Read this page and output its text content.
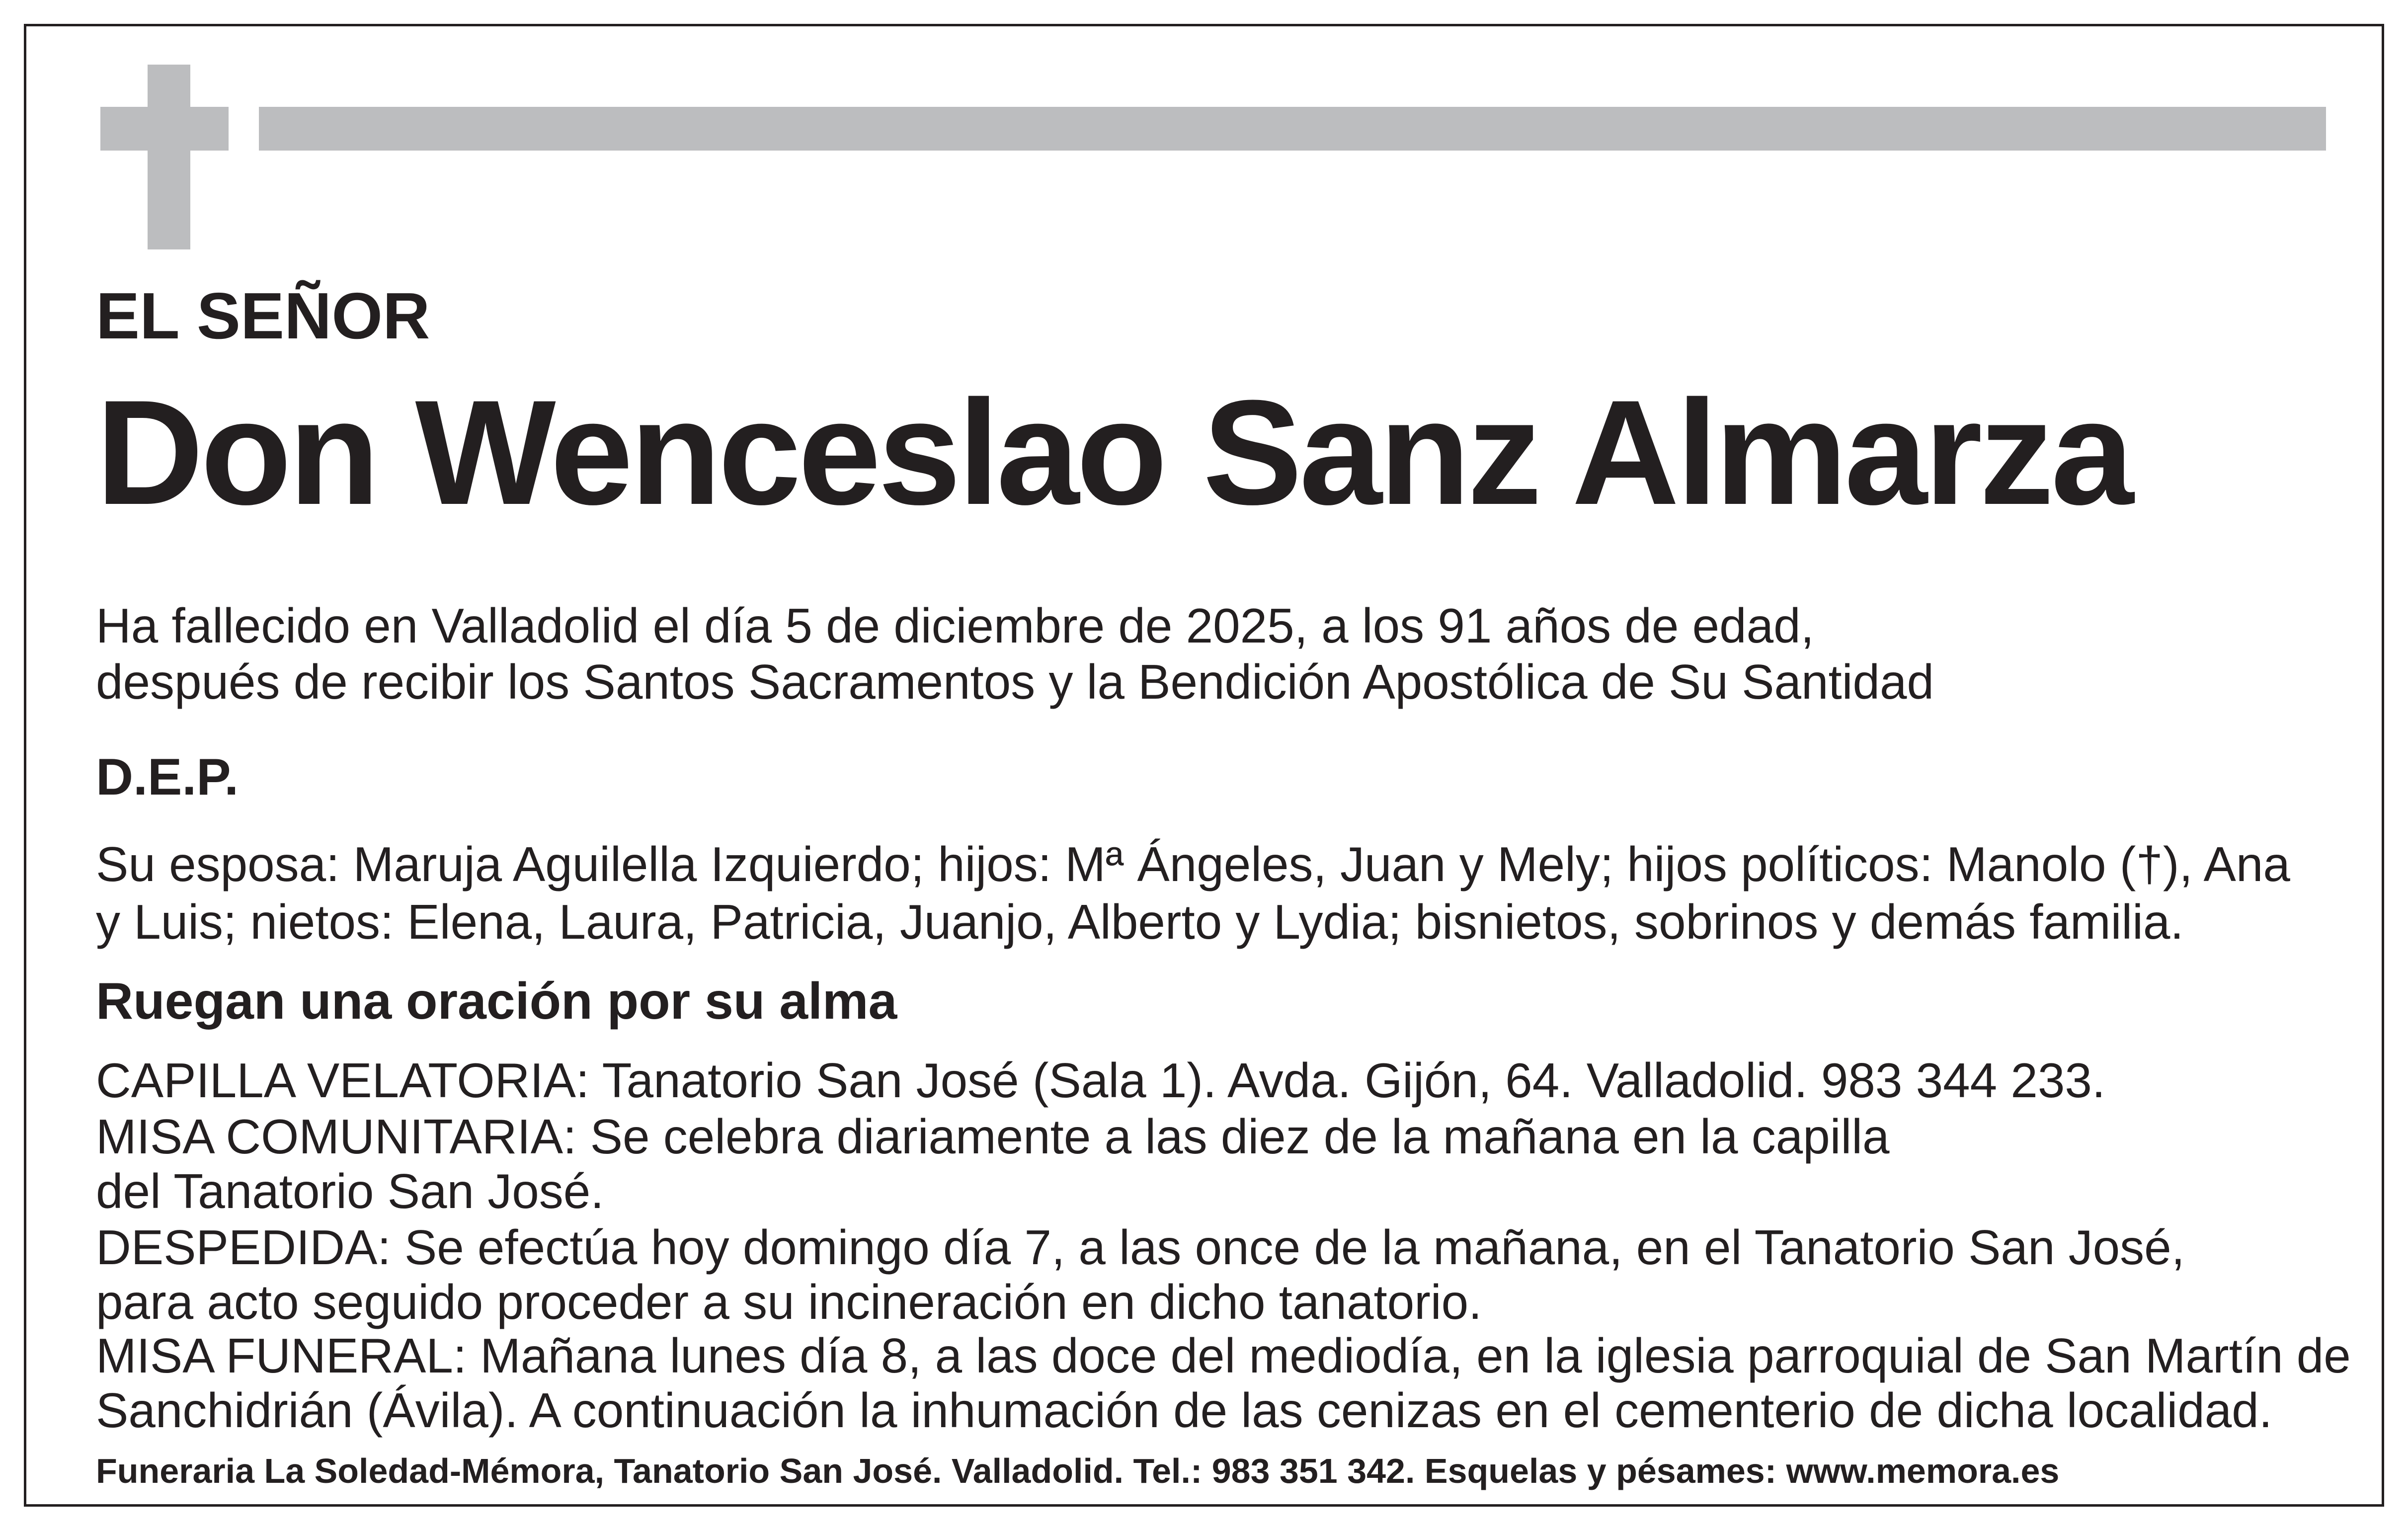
EL SEÑOR

Don Wenceslao Sanz Almarza

Ha fallecido en Valladolid el día 5 de diciembre de 2025, a los 91 años de edad,

después de recibir los Santos Sacramentos y la Bendición Apostólica de Su Santidad

D.E.P.

Su esposa: Maruja Aguilella Izquierdo; hijos: Mª Ángeles, Juan y Mely; hijos políticos: Manolo (†), Ana

y Luis; nietos: Elena, Laura, Patricia, Juanjo, Alberto y Lydia; bisnietos, sobrinos y demás familia.

Ruegan una oración por su alma

CAPILLA VELATORIA: Tanatorio San José (Sala 1). Avda. Gijón, 64. Valladolid. 983 344 233.

MISA COMUNITARIA: Se celebra diariamente a las diez de la mañana en la capilla

del Tanatorio San José.

DESPEDIDA: Se efectúa hoy domingo día 7, a las once de la mañana, en el Tanatorio San José,

para acto seguido proceder a su incineración en dicho tanatorio.

MISA FUNERAL: Mañana lunes día 8, a las doce del mediodía, en la iglesia parroquial de San Martín de

Sanchidrián (Ávila). A continuación la inhumación de las cenizas en el cementerio de dicha localidad.

Funeraria La Soledad-Mémora, Tanatorio San José. Valladolid. Tel.: 983 351 342. Esquelas y pésames: www.memora.es
